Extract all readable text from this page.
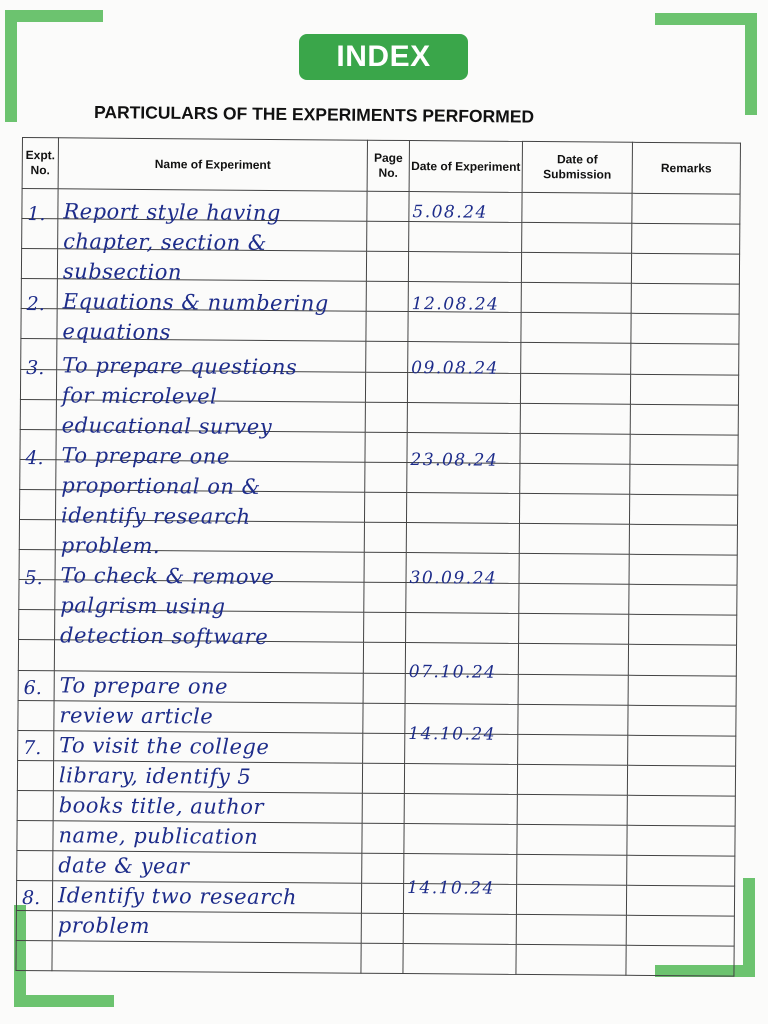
INDEX
PARTICULARS OF THE EXPERIMENTS PERFORMED
Expt. No.	Name of Experiment	Page No.	Date of Experiment	Date of Submission	Remarks

1. Report style having
chapter, section &
subsection
5.08.24
2. Equations & numbering
equations
12.08.24
3. To prepare questions
for microlevel
educational survey
09.08.24
4. To prepare one
proportional on &
identify research
problem.
23.08.24
5. To check & remove
palgrism using
detection software
30.09.24
6. To prepare one
review article
07.10.24
7. To visit the college
library, identify 5
books title, author
name, publication
date & year
14.10.24
8. Identify two research
problem
14.10.24
